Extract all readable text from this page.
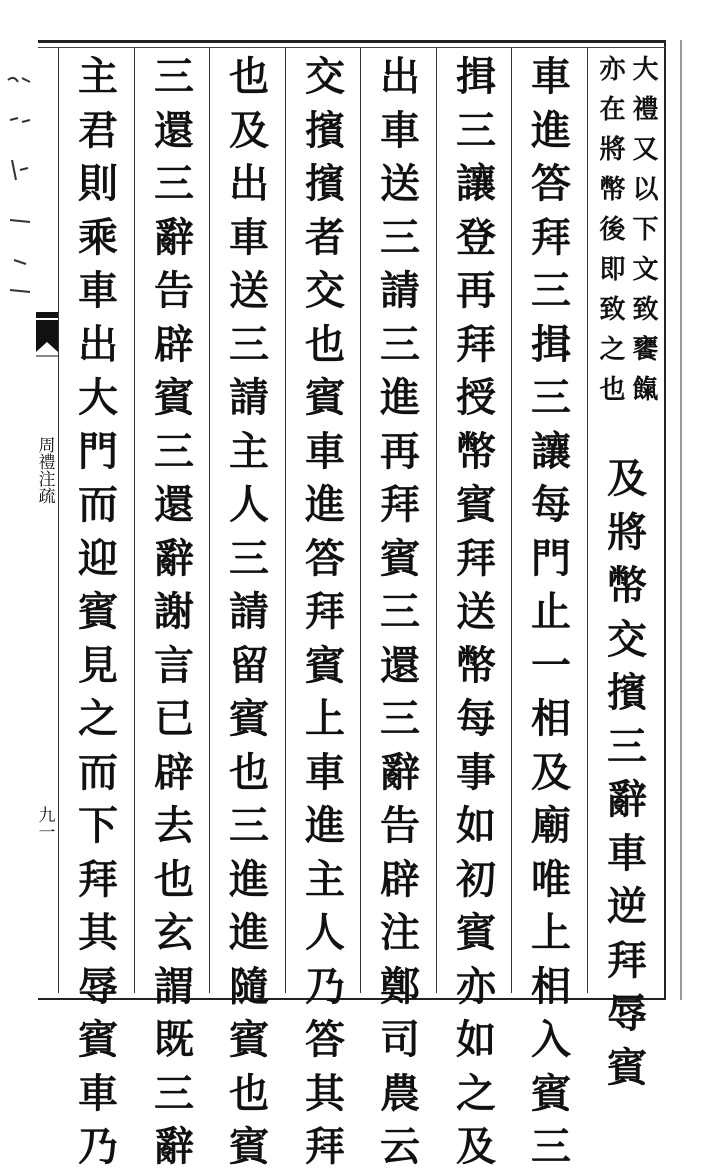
周
禮
注
疏
九
一
亦
在
將
幣
後
即
致
之
也
大
禮
又
以
下
文
致
饔
餼
及
將
幣
交
擯
三
辭
車
逆
拜
辱
賓
車
進
答
拜
三
揖
三
讓
每
門
止
一
相
及
廟
唯
上
相
入
賓
三
揖
三
讓
登
再
拜
授
幣
賓
拜
送
幣
每
事
如
初
賓
亦
如
之
及
出
車
送
三
請
三
進
再
拜
賓
三
還
三
辭
告
辟
注
鄭
司
農
云
交
擯
擯
者
交
也
賓
車
進
答
拜
賓
上
車
進
主
人
乃
答
其
拜
也
及
出
車
送
三
請
主
人
三
請
留
賓
也
三
進
進
隨
賓
也
賓
三
還
三
辭
告
辟
賓
三
還
辭
謝
言
已
辟
去
也
玄
謂
既
三
辭
主
君
則
乘
車
出
大
門
而
迎
賓
見
之
而
下
拜
其
辱
賓
車
乃
